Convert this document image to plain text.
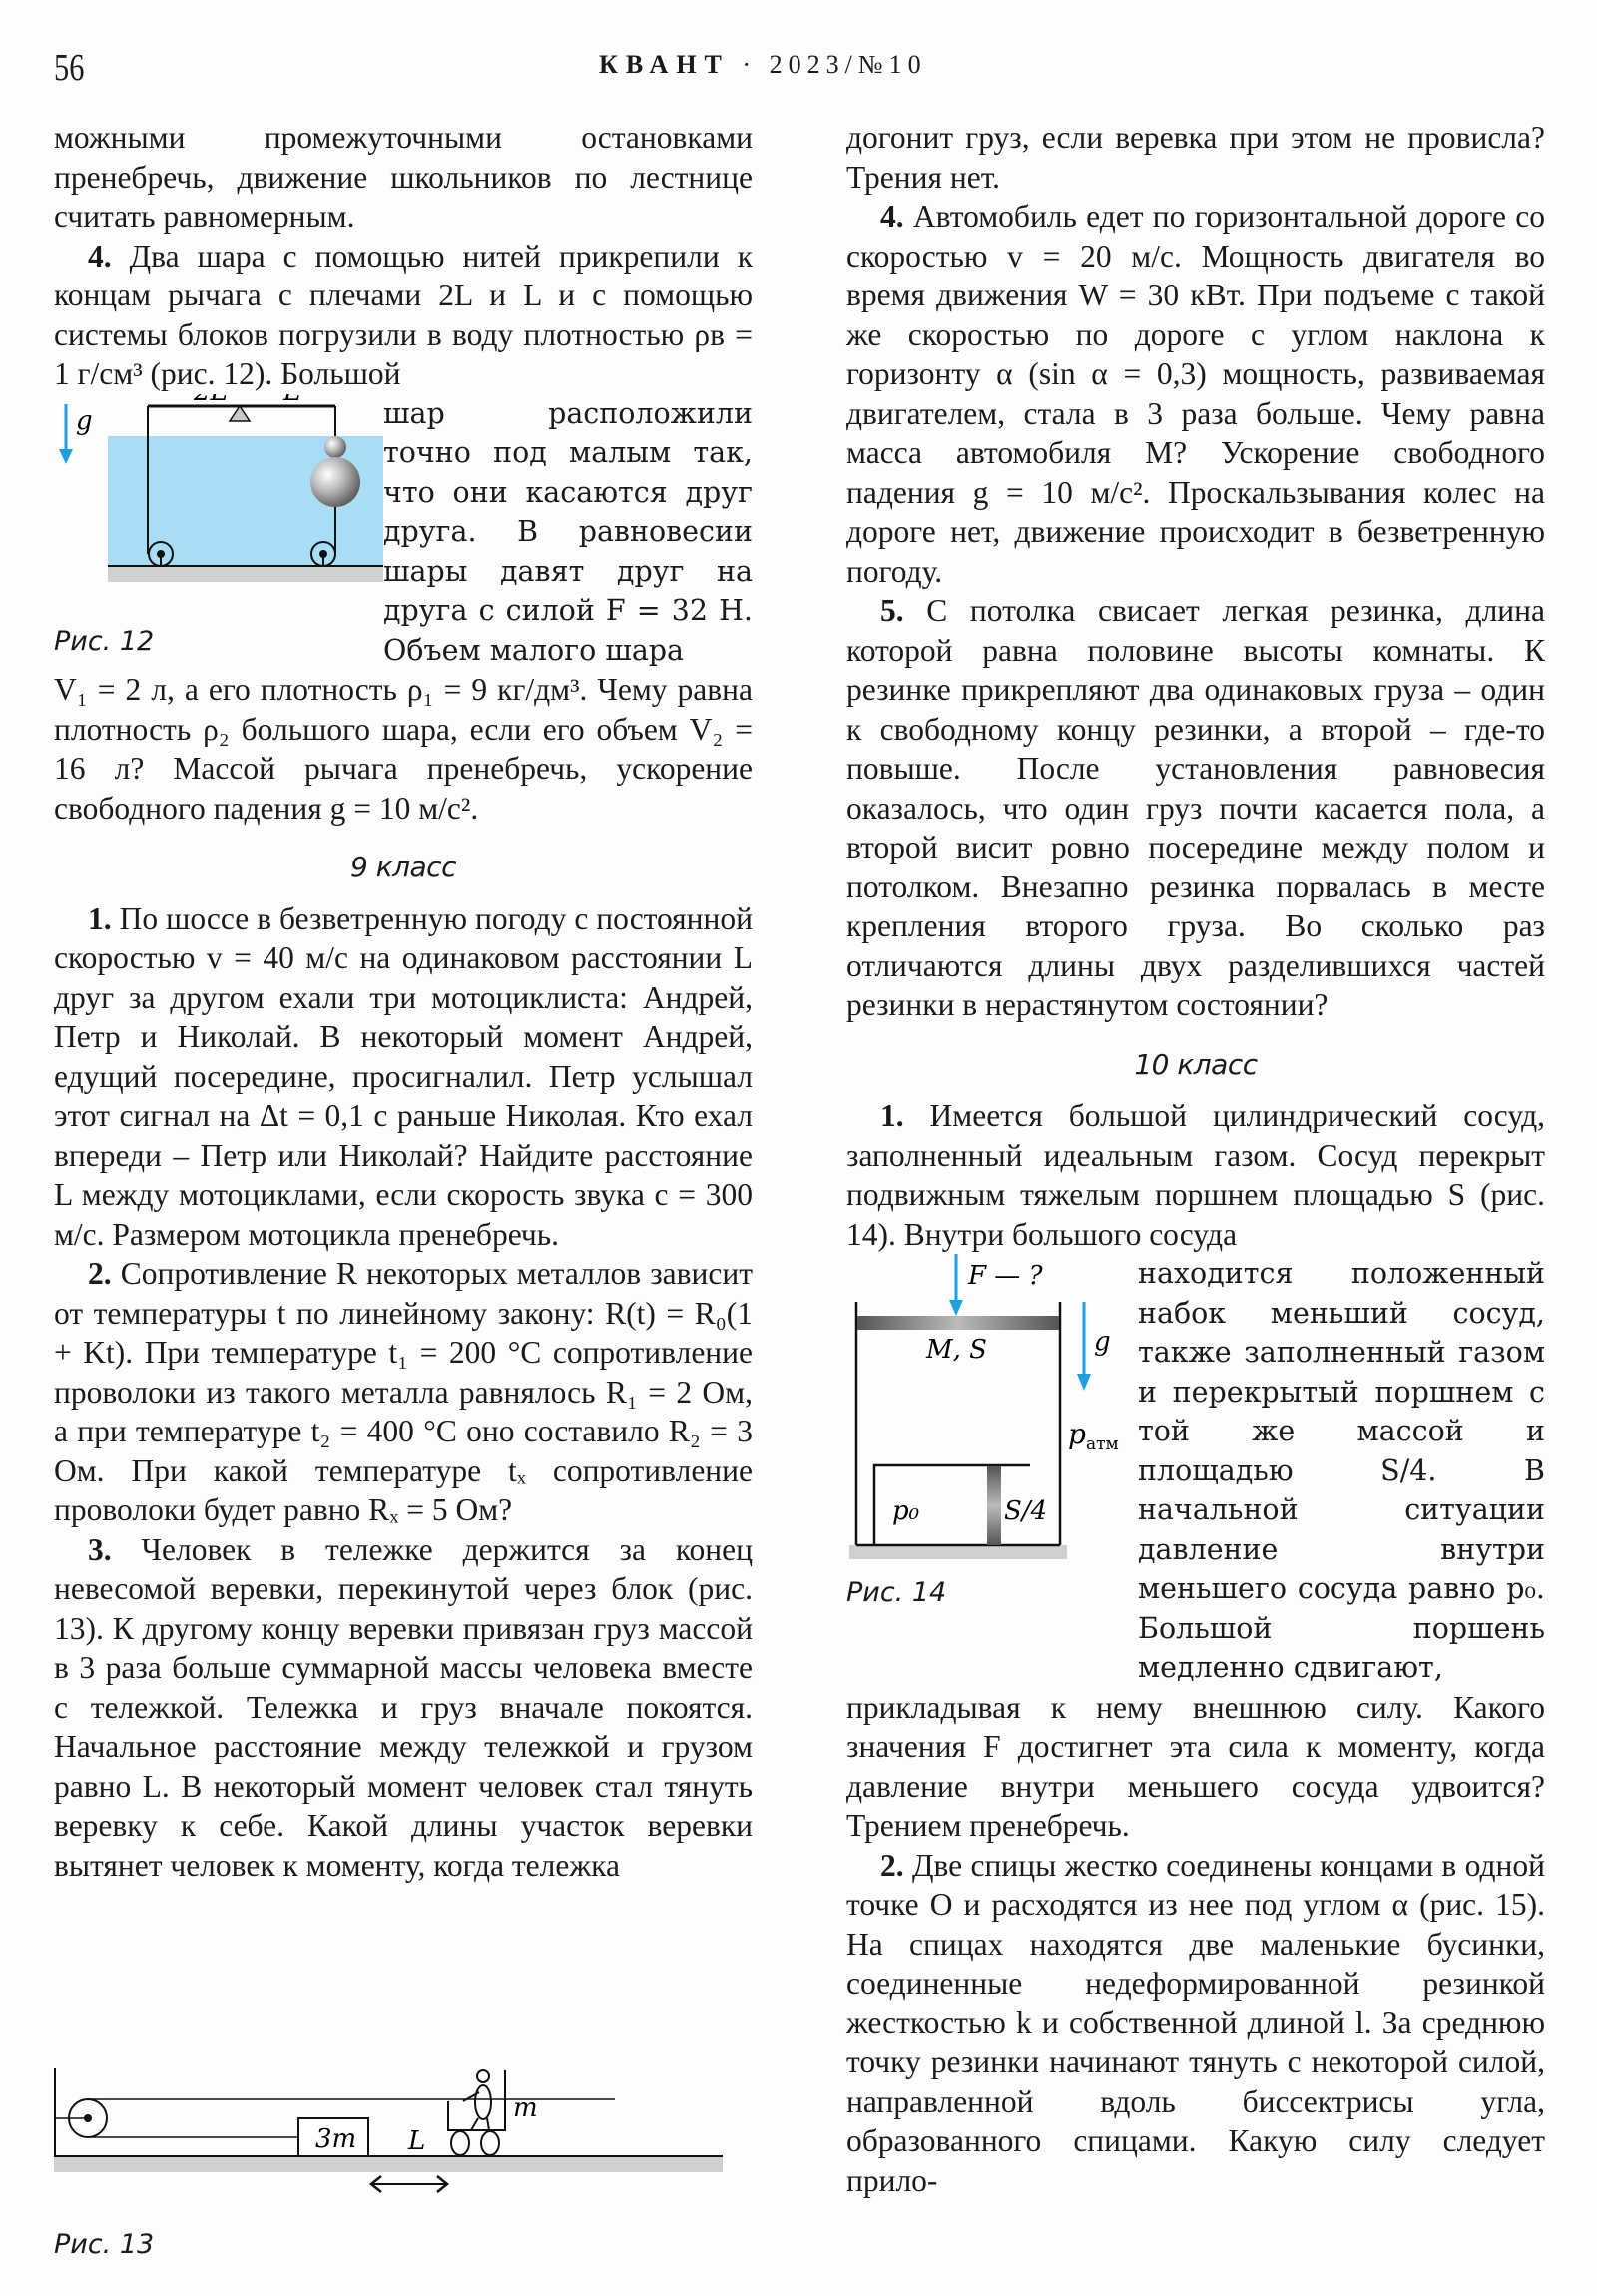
56	КВАНТ · 2023/№10

можными промежуточными остановками пренебречь, движение школьников по лестнице считать равномерным.

4. Два шара с помощью нитей прикрепили к концам рычага с плечами 2L и L и с помощью системы блоков погрузили в воду плотностью ρв = 1 г/см³ (рис. 12). Большой

g
Рис. 12
шар расположили точно под малым так, что они касаются друг друга. В равновесии шары давят друг на друга с силой F = 32 Н. Объем малого шара

V₁ = 2 л, а его плотность ρ₁ = 9 кг/дм³. Чему равна плотность ρ₂ большого шара, если его объем V₂ = 16 л? Массой рычага пренебречь, ускорение свободного падения g = 10 м/с².

9 класс

1. По шоссе в безветренную погоду с постоянной скоростью v = 40 м/с на одинаковом расстоянии L друг за другом ехали три мотоциклиста: Андрей, Петр и Николай. В некоторый момент Андрей, едущий посередине, просигналил. Петр услышал этот сигнал на Δt = 0,1 с раньше Николая. Кто ехал впереди – Петр или Николай? Найдите расстояние L между мотоциклами, если скорость звука c = 300 м/с. Размером мотоцикла пренебречь.

2. Сопротивление R некоторых металлов зависит от температуры t по линейному закону: R(t) = R₀(1 + Kt). При температуре t₁ = 200 °С сопротивление проволоки из такого металла равнялось R₁ = 2 Ом, а при температуре t₂ = 400 °С оно составило R₂ = 3 Ом. При какой температуре tₓ сопротивление проволоки будет равно Rₓ = 5 Ом?

3. Человек в тележке держится за конец невесомой веревки, перекинутой через блок (рис. 13). К другому концу веревки привязан груз массой в 3 раза больше суммарной массы человека вместе с тележкой. Тележка и груз вначале покоятся. Начальное расстояние между тележкой и грузом равно L. В некоторый момент человек стал тянуть веревку к себе. Какой длины участок веревки вытянет человек к моменту, когда тележка

3m L
m
Рис. 13

догонит груз, если веревка при этом не провисла? Трения нет.

4. Автомобиль едет по горизонтальной дороге со скоростью v = 20 м/с. Мощность двигателя во время движения W = 30 кВт. При подъеме с такой же скоростью по дороге с углом наклона к горизонту α (sin α = 0,3) мощность, развиваемая двигателем, стала в 3 раза больше. Чему равна масса автомобиля M? Ускорение свободного падения g = 10 м/с². Проскальзывания колес на дороге нет, движение происходит в безветренную погоду.

5. С потолка свисает легкая резинка, длина которой равна половине высоты комнаты. К резинке прикрепляют два одинаковых груза – один к свободному концу резинки, а второй – где-то повыше. После установления равновесия оказалось, что один груз почти касается пола, а второй висит ровно посередине между полом и потолком. Внезапно резинка порвалась в месте крепления второго груза. Во сколько раз отличаются длины двух разделившихся частей резинки в нерастянутом состоянии?

10 класс

1. Имеется большой цилиндрический сосуд, заполненный идеальным газом. Сосуд перекрыт подвижным тяжелым поршнем площадью S (рис. 14). Внутри большого сосуда

F — ?
M, S	g
$p_{атм}$
p₀	S/4
Рис. 14
находится положенный набок меньший сосуд, также заполненный газом и перекрытый поршнем с той же массой и площадью S/4. В начальной ситуации давление внутри меньшего сосуда равно p₀. Большой поршень медленно сдвигают,

прикладывая к нему внешнюю силу. Какого значения F достигнет эта сила к моменту, когда давление внутри меньшего сосуда удвоится? Трением пренебречь.

2. Две спицы жестко соединены концами в одной точке O и расходятся из нее под углом α (рис. 15). На спицах находятся две маленькие бусинки, соединенные недеформированной резинкой жесткостью k и собственной длиной l. За среднюю точку резинки начинают тянуть с некоторой силой, направленной вдоль биссектрисы угла, образованного спицами. Какую силу следует прило-
